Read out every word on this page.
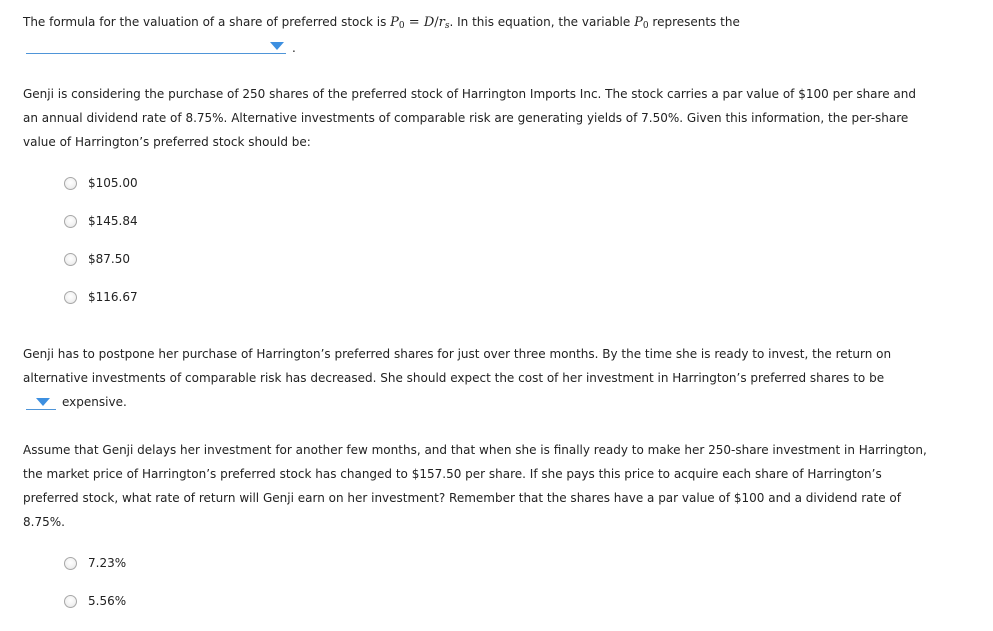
The formula for the valuation of a share of preferred stock is $P_0 = D/r_s$. In this equation, the variable $P_0$ represents the
.
Genji is considering the purchase of 250 shares of the preferred stock of Harrington Imports Inc. The stock carries a par value of $100 per share and
an annual dividend rate of 8.75%. Alternative investments of comparable risk are generating yields of 7.50%. Given this information, the per-share
value of Harrington’s preferred stock should be:
$105.00
$145.84
$87.50
$116.67
Genji has to postpone her purchase of Harrington’s preferred shares for just over three months. By the time she is ready to invest, the return on
alternative investments of comparable risk has decreased. She should expect the cost of her investment in Harrington’s preferred shares to be
expensive.
Assume that Genji delays her investment for another few months, and that when she is finally ready to make her 250-share investment in Harrington,
the market price of Harrington’s preferred stock has changed to $157.50 per share. If she pays this price to acquire each share of Harrington’s
preferred stock, what rate of return will Genji earn on her investment? Remember that the shares have a par value of $100 and a dividend rate of
8.75%.
7.23%
5.56%
